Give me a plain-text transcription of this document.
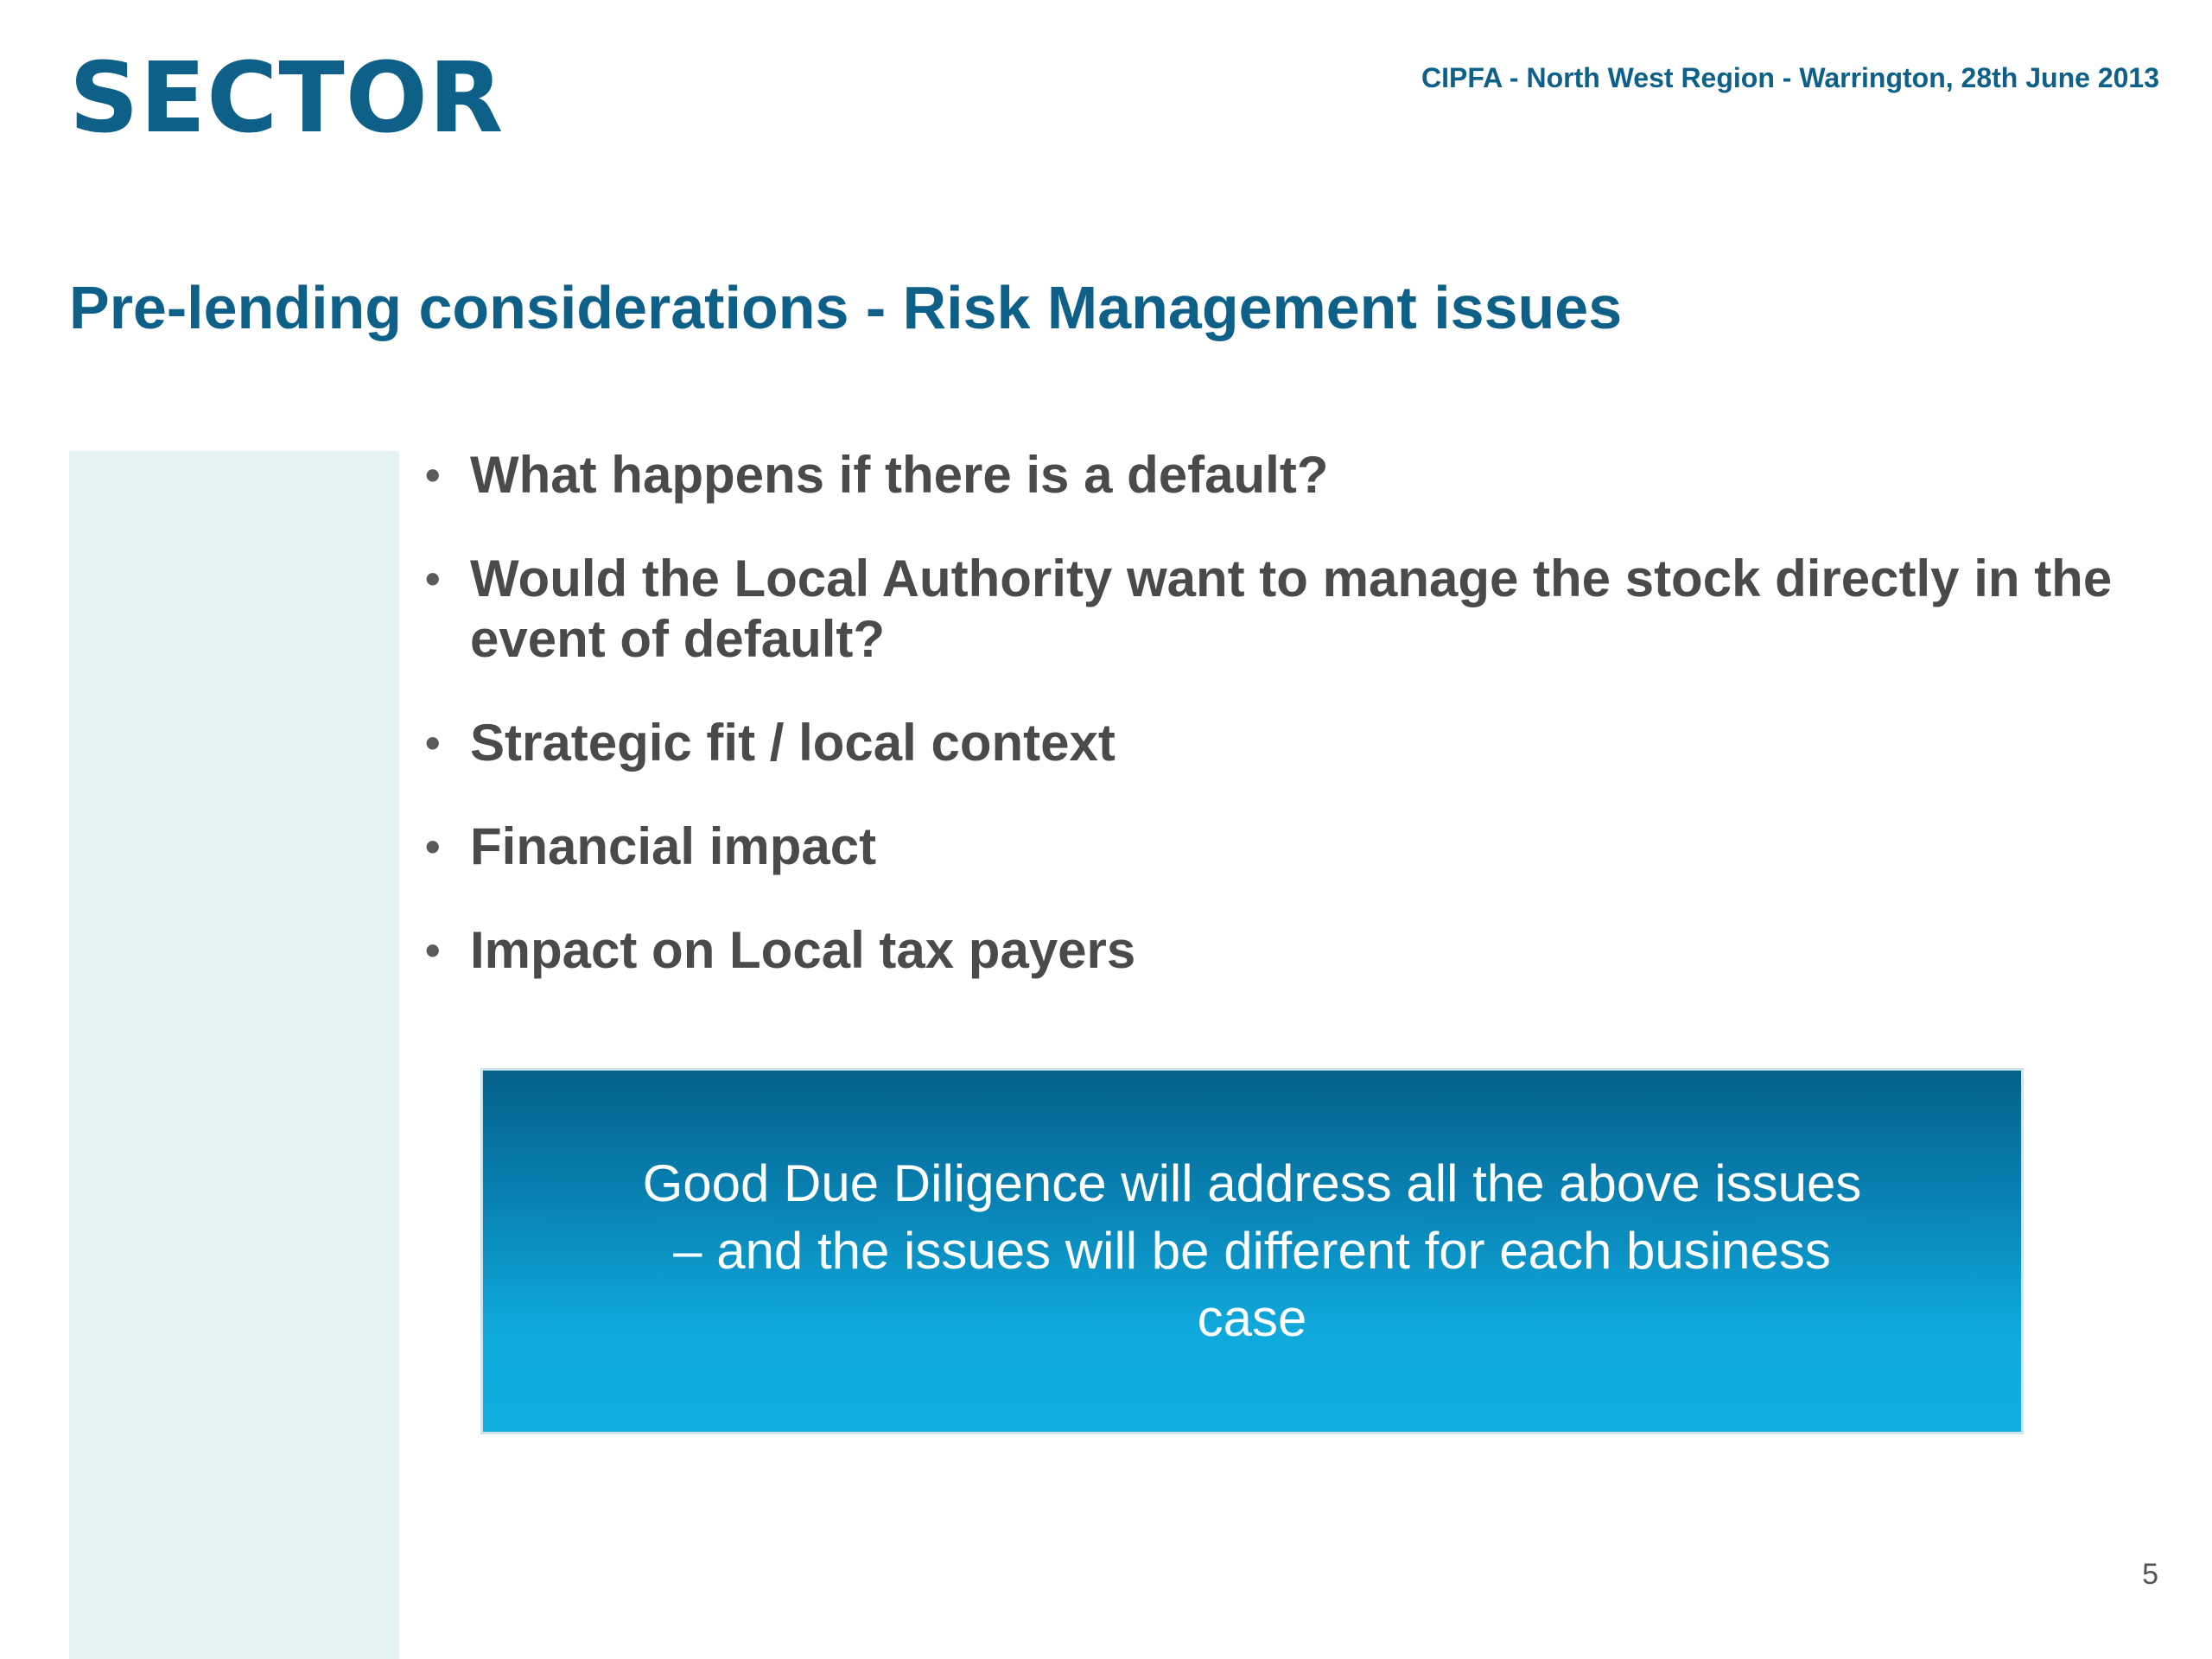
SECTOR	CIPFA - North West Region - Warrington, 28th June 2013
Pre-lending considerations - Risk Management issues
• What happens if there is a default?
• Would the Local Authority want to manage the stock directly in the event of default?
• Strategic fit / local context
• Financial impact
• Impact on Local tax payers
Good Due Diligence will address all the above issues – and the issues will be different for each business case
5
